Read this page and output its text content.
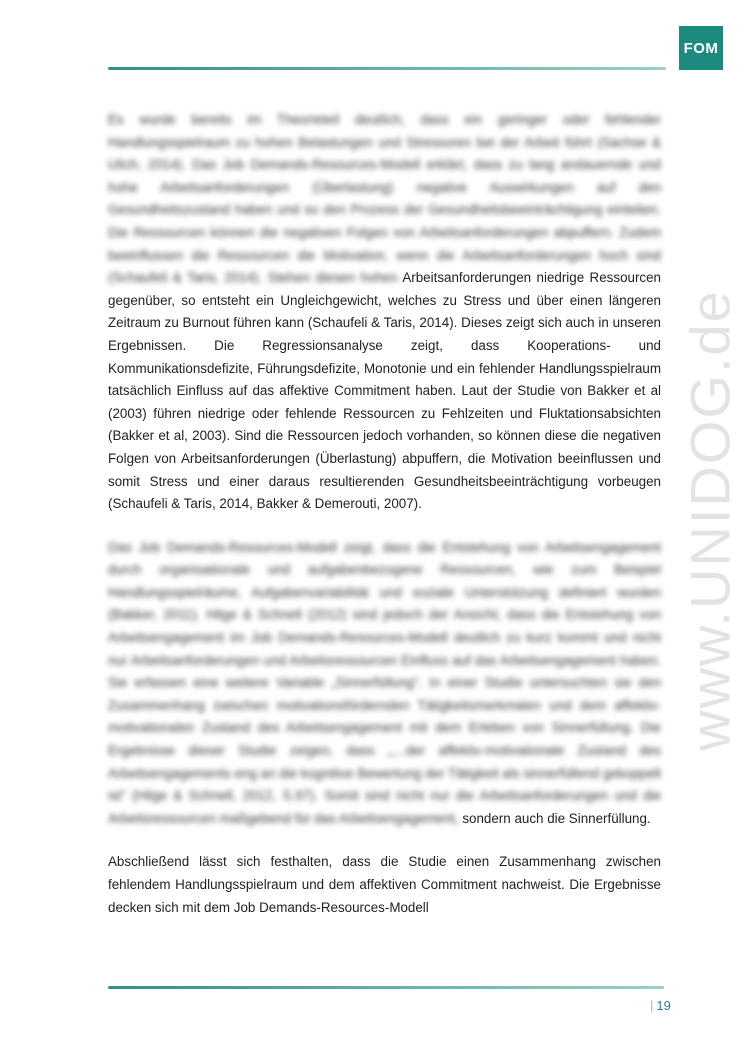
FOM
www.UNIDOG.de

Es wurde bereits im Theorieteil deutlich, dass ein geringer oder fehlender Handlungsspielraum zu hohen Belastungen und Stressoren bei der Arbeit führt (Sachse & Ulich, 2014). Das Job Demands-Resources-Modell erklärt, dass zu lang andauernde und hohe Arbeitsanforderungen (Überlastung) negative Auswirkungen auf den Gesundheitszustand haben und so den Prozess der Gesundheitsbeeinträchtigung einleiten. Die Ressourcen können die negativen Folgen von Arbeitsanforderungen abpuffern. Zudem beeinflussen die Ressourcen die Motivation, wenn die Arbeitsanforderungen hoch sind (Schaufeli & Taris, 2014). Stehen diesen hohen Arbeitsanforderungen niedrige Ressourcen gegenüber, so entsteht ein Ungleichgewicht, welches zu Stress und über einen längeren Zeitraum zu Burnout führen kann (Schaufeli & Taris, 2014). Dieses zeigt sich auch in unseren Ergebnissen. Die Regressionsanalyse zeigt, dass Kooperations- und Kommunikationsdefizite, Führungsdefizite, Monotonie und ein fehlender Handlungsspielraum tatsächlich Einfluss auf das affektive Commitment haben. Laut der Studie von Bakker et al (2003) führen niedrige oder fehlende Ressourcen zu Fehlzeiten und Fluktationsabsichten (Bakker et al, 2003). Sind die Ressourcen jedoch vorhanden, so können diese die negativen Folgen von Arbeitsanforderungen (Überlastung) abpuffern, die Motivation beeinflussen und somit Stress und einer daraus resultierenden Gesundheitsbeeinträchtigung vorbeugen (Schaufeli & Taris, 2014, Bakker & Demerouti, 2007).

Das Job Demands-Resources-Modell zeigt, dass die Entstehung von Arbeitsengagement durch organisationale und aufgabenbezogene Ressourcen, wie zum Beispiel Handlungsspielräume, Aufgabenvariabilität und soziale Unterstützung definiert wurden (Bakker, 2011). Hilge & Schnell (2012) sind jedoch der Ansicht, dass die Entstehung von Arbeitsengagement im Job Demands-Resources-Modell deutlich zu kurz kommt und nicht nur Arbeitsanforderungen und Arbeitsressourcen Einfluss auf das Arbeitsengagement haben. Sie erfassen eine weitere Variable „Sinnerfüllung“. In einer Studie untersuchten sie den Zusammenhang zwischen motivationsfördernden Tätigkeitsmerkmalen und dem affektiv-motivationalen Zustand des Arbeitsengagement mit dem Erleben von Sinnerfüllung. Die Ergebnisse dieser Studie zeigen, dass „…der affektiv-motivationale Zustand des Arbeitsengagements eng an die kognitive Bewertung der Tätigkeit als sinnerfüllend gekoppelt ist“ (Hilge & Schnell, 2012, S.97). Somit sind nicht nur die Arbeitsanforderungen und die Arbeitsressourcen maßgebend für das Arbeitsengagement, sondern auch die Sinnerfüllung.

Abschließend lässt sich festhalten, dass die Studie einen Zusammenhang zwischen fehlendem Handlungsspielraum und dem affektiven Commitment nachweist. Die Ergebnisse decken sich mit dem Job Demands-Resources-Modell

| 19
